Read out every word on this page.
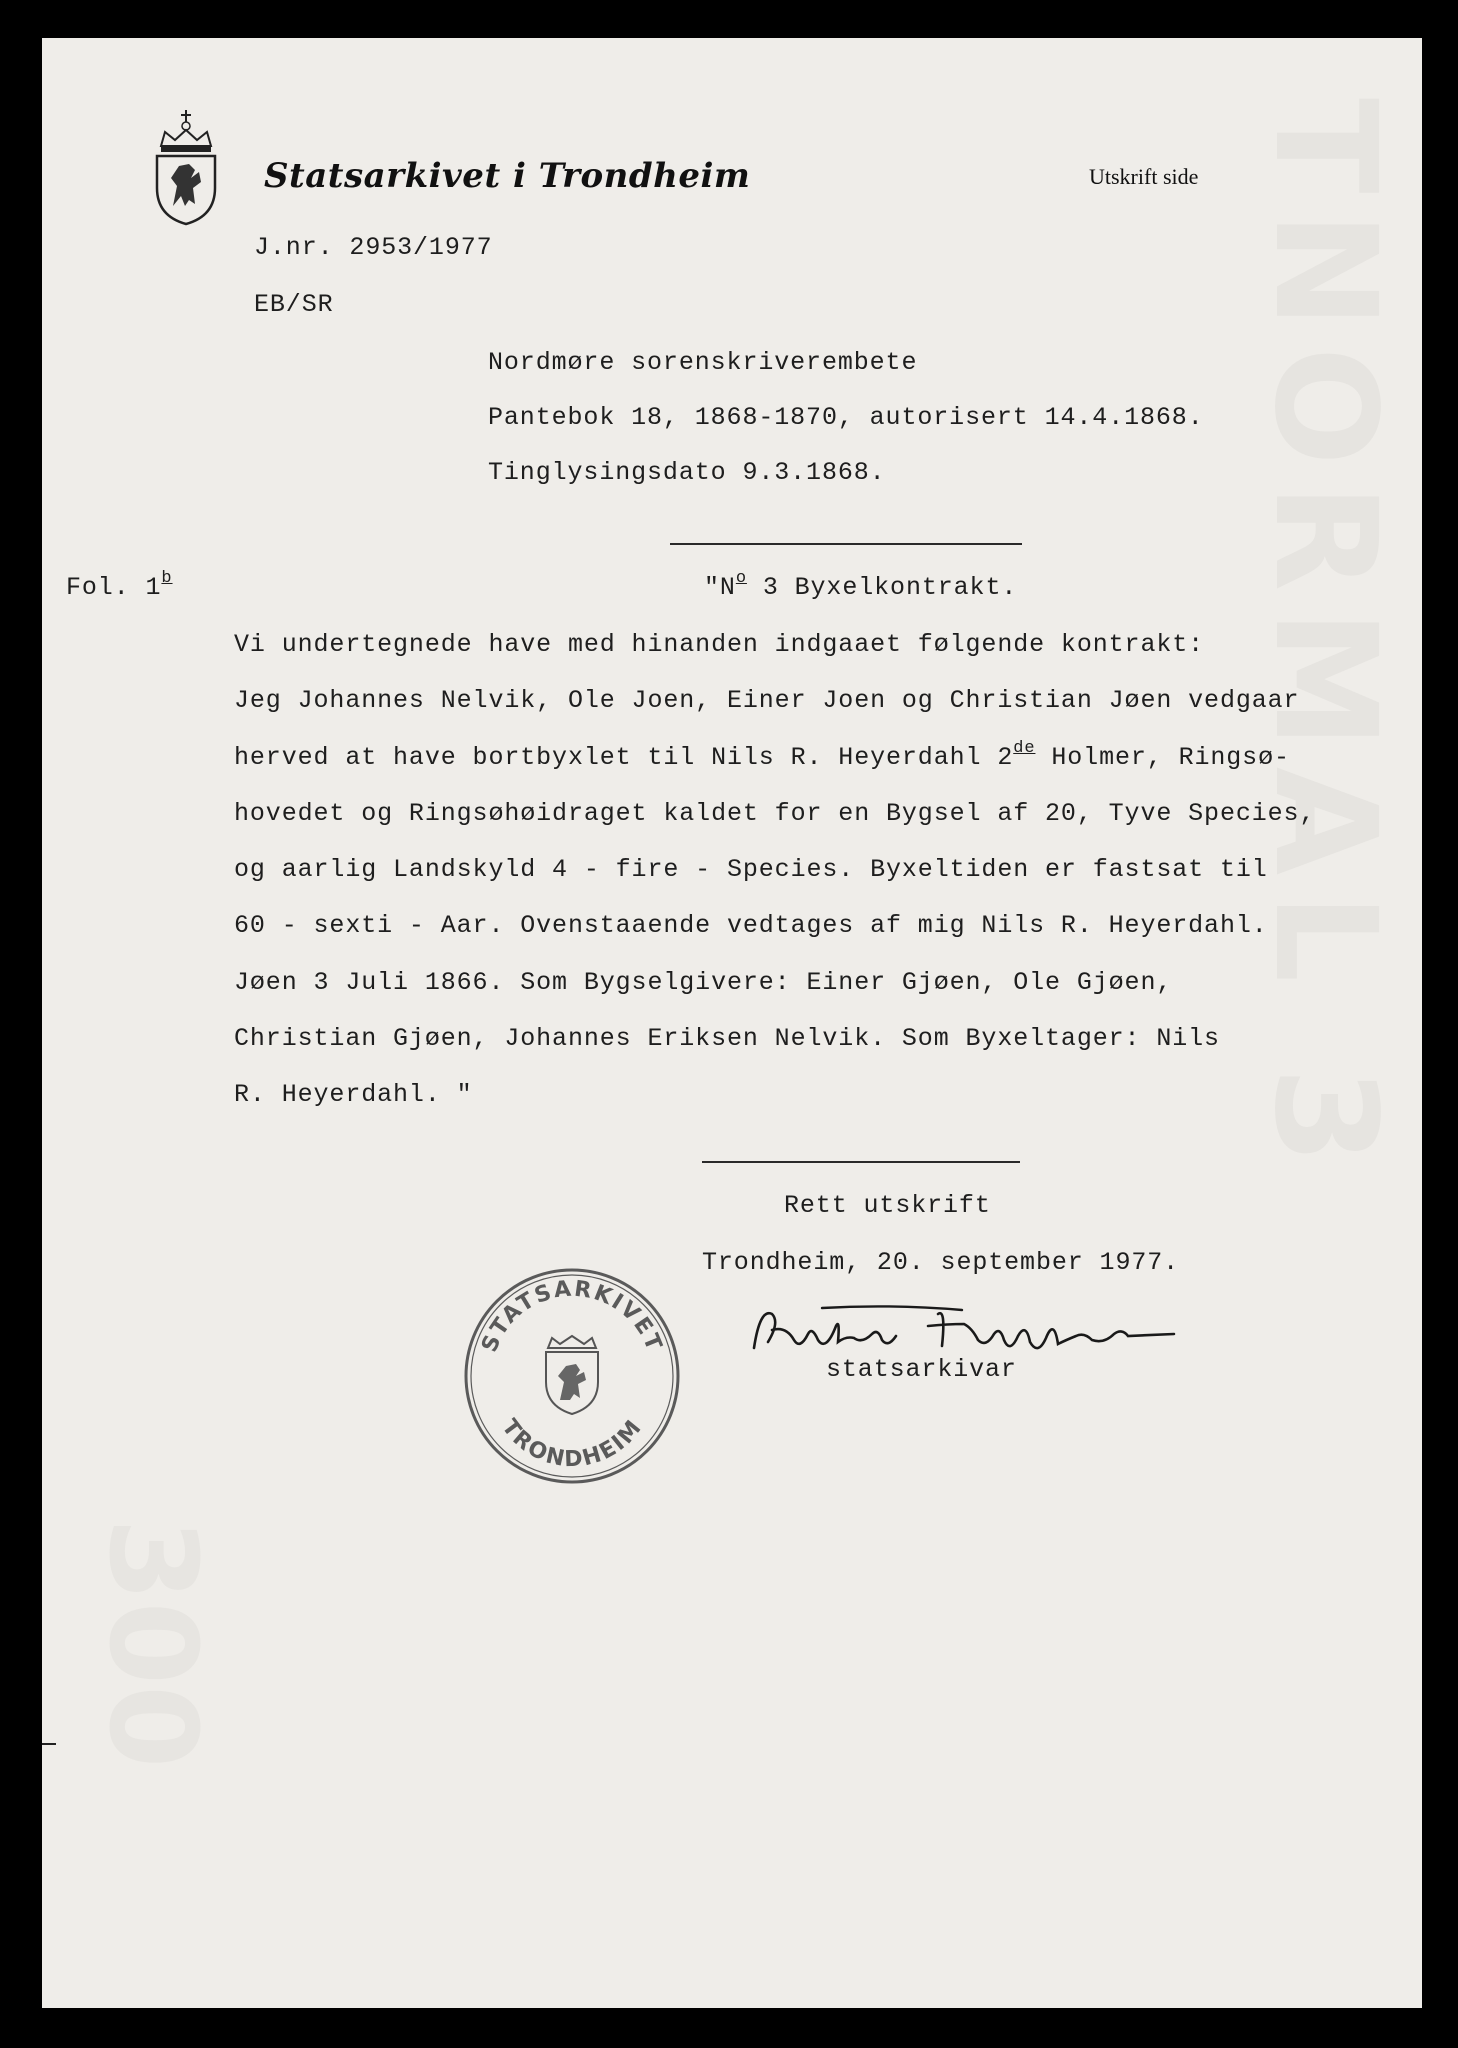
Statsarkivet i Trondheim	Utskrift side
J.nr. 2953/1977
EB/SR
Nordmøre sorenskriverembete
Pantebok 18, 1868-1870, autorisert 14.4.1868.
Tinglysingsdato 9.3.1868.
Fol. 1$^b$	"$N^o$ 3 Byxelkontrakt.
Vi undertegnede have med hinanden indgaaet følgende kontrakt:
Jeg Johannes Nelvik, Ole Joen, Einer Joen og Christian Jøen vedgaar
herved at have bortbyxlet til Nils R. Heyerdahl 2de Holmer, Ringsø-
hovedet og Ringsøhøidraget kaldet for en Bygsel af 20, Tyve Species,
og aarlig Landskyld 4 - fire - Species. Byxeltiden er fastsat til
60 - sexti - Aar. Ovenstaaende vedtages af mig Nils R. Heyerdahl.
Jøen 3 Juli 1866. Som Bygselgivere: Einer Gjøen, Ole Gjøen,
Christian Gjøen, Johannes Eriksen Nelvik. Som Byxeltager: Nils
R. Heyerdahl. "
Rett utskrift
Trondheim, 20. september 1977.
STATSARKIVET
TRONDHEIM
statsarkivar
